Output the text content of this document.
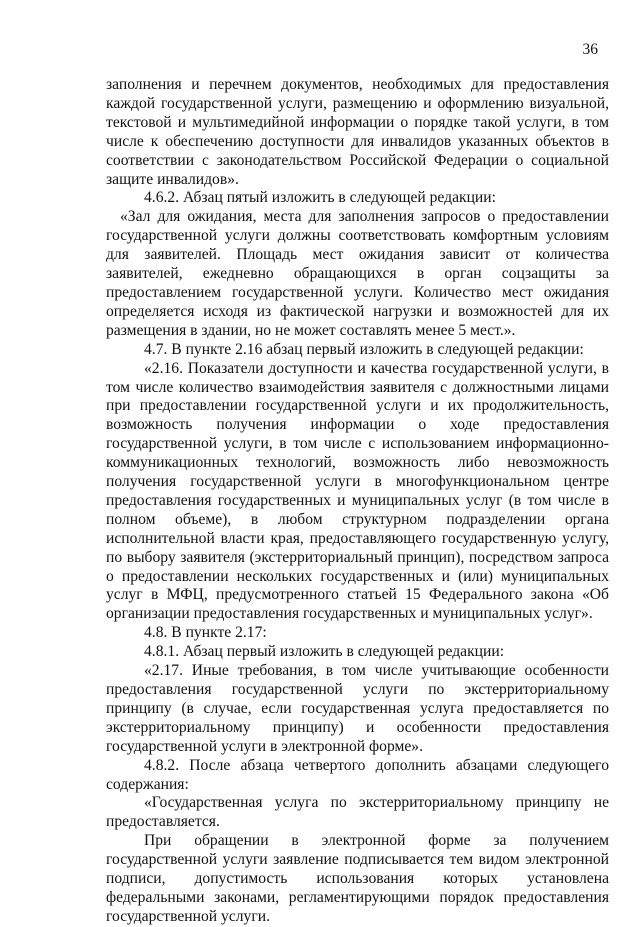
36

заполнения и перечнем документов, необходимых для предоставления каждой государственной услуги, размещению и оформлению визуальной, текстовой и мультимедийной информации о порядке такой услуги, в том числе к обеспечению доступности для инвалидов указанных объектов в соответствии с законодательством Российской Федерации о социальной защите инвалидов».

4.6.2. Абзац пятый изложить в следующей редакции:

«Зал для ожидания, места для заполнения запросов о предоставлении государственной услуги должны соответствовать комфортным условиям для заявителей. Площадь мест ожидания зависит от количества заявителей, ежедневно обращающихся в орган соцзащиты за предоставлением государственной услуги. Количество мест ожидания определяется исходя из фактической нагрузки и возможностей для их размещения в здании, но не может составлять менее 5 мест.».

4.7. В пункте 2.16 абзац первый изложить в следующей редакции:

«2.16. Показатели доступности и качества государственной услуги, в том числе количество взаимодействия заявителя с должностными лицами при предоставлении государственной услуги и их продолжительность, возможность получения информации о ходе предоставления государственной услуги, в том числе с использованием информационно-коммуникационных технологий, возможность либо невозможность получения государственной услуги в многофункциональном центре предоставления государственных и муниципальных услуг (в том числе в полном объеме), в любом структурном подразделении органа исполнительной власти края, предоставляющего государственную услугу, по выбору заявителя (экстерриториальный принцип), посредством запроса о предоставлении нескольких государственных и (или) муниципальных услуг в МФЦ, предусмотренного статьей 15 Федерального закона «Об организации предоставления государственных и муниципальных услуг».

4.8. В пункте 2.17:

4.8.1. Абзац первый изложить в следующей редакции:

«2.17. Иные требования, в том числе учитывающие особенности предоставления государственной услуги по экстерриториальному принципу (в случае, если государственная услуга предоставляется по экстерриториальному принципу) и особенности предоставления государственной услуги в электронной форме».

4.8.2. После абзаца четвертого дополнить абзацами следующего содержания:

«Государственная услуга по экстерриториальному принципу не предоставляется.

При обращении в электронной форме за получением государственной услуги заявление подписывается тем видом электронной подписи, допустимость использования которых установлена федеральными законами, регламентирующими порядок предоставления государственной услуги.
